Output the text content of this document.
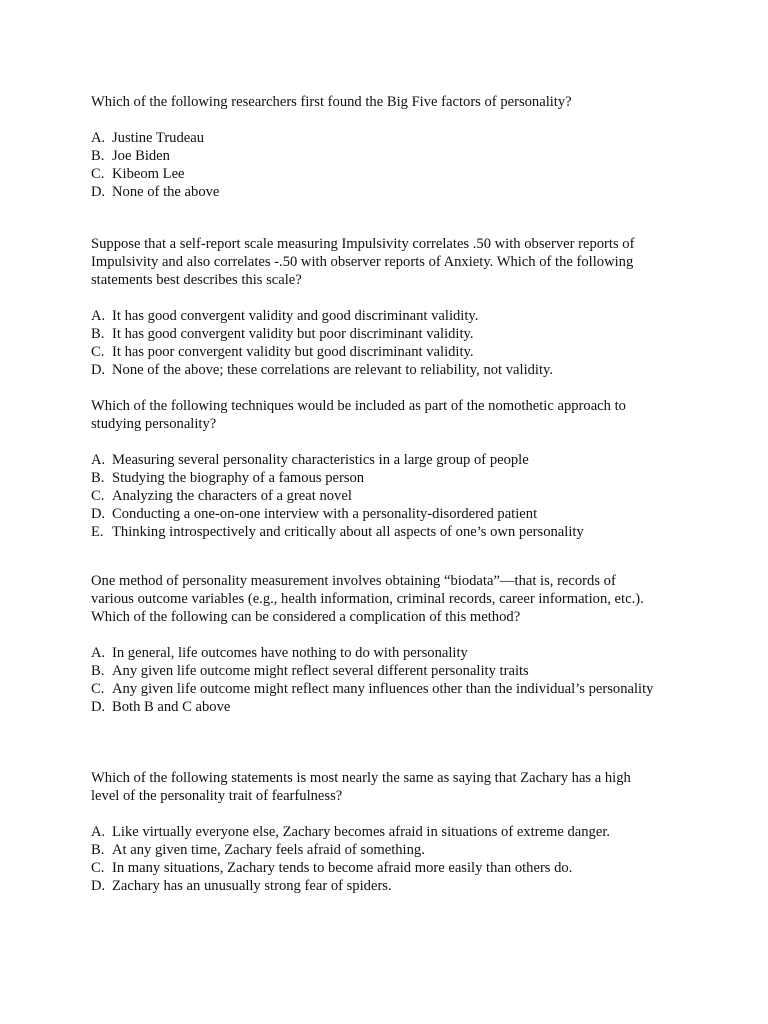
Which of the following researchers first found the Big Five factors of personality?

A. Justine Trudeau
B. Joe Biden
C. Kibeom Lee
D. None of the above

Suppose that a self-report scale measuring Impulsivity correlates .50 with observer reports of
Impulsivity and also correlates -.50 with observer reports of Anxiety. Which of the following
statements best describes this scale?

A. It has good convergent validity and good discriminant validity.
B. It has good convergent validity but poor discriminant validity.
C. It has poor convergent validity but good discriminant validity.
D. None of the above; these correlations are relevant to reliability, not validity.

Which of the following techniques would be included as part of the nomothetic approach to
studying personality?

A. Measuring several personality characteristics in a large group of people
B. Studying the biography of a famous person
C. Analyzing the characters of a great novel
D. Conducting a one-on-one interview with a personality-disordered patient
E. Thinking introspectively and critically about all aspects of one’s own personality

One method of personality measurement involves obtaining “biodata”—that is, records of
various outcome variables (e.g., health information, criminal records, career information, etc.).
Which of the following can be considered a complication of this method?

A. In general, life outcomes have nothing to do with personality
B. Any given life outcome might reflect several different personality traits
C. Any given life outcome might reflect many influences other than the individual’s personality
D. Both B and C above

Which of the following statements is most nearly the same as saying that Zachary has a high
level of the personality trait of fearfulness?

A. Like virtually everyone else, Zachary becomes afraid in situations of extreme danger.
B. At any given time, Zachary feels afraid of something.
C. In many situations, Zachary tends to become afraid more easily than others do.
D. Zachary has an unusually strong fear of spiders.
